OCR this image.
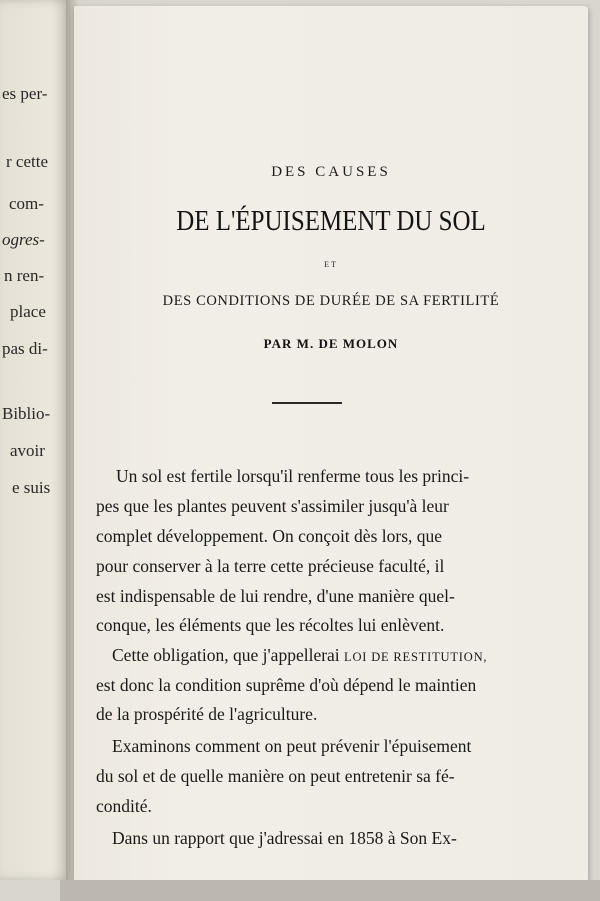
es per-
r cette
com-
ogres-
n ren-
place
pas di-
Biblio-
avoir
e suis
DES CAUSES
DE L'ÉPUISEMENT DU SOL
ET
DES CONDITIONS DE DURÉE DE SA FERTILITÉ
PAR M. DE MOLON
Un sol est fertile lorsqu'il renferme tous les princi-
pes que les plantes peuvent s'assimiler jusqu'à leur
complet développement. On conçoit dès lors, que
pour conserver à la terre cette précieuse faculté, il
est indispensable de lui rendre, d'une manière quel-
conque, les éléments que les récoltes lui enlèvent.
Cette obligation, que j'appellerai LOI DE RESTITUTION,
est donc la condition suprême d'où dépend le maintien
de la prospérité de l'agriculture.
Examinons comment on peut prévenir l'épuisement
du sol et de quelle manière on peut entretenir sa fé-
condité.
Dans un rapport que j'adressai en 1858 à Son Ex-
